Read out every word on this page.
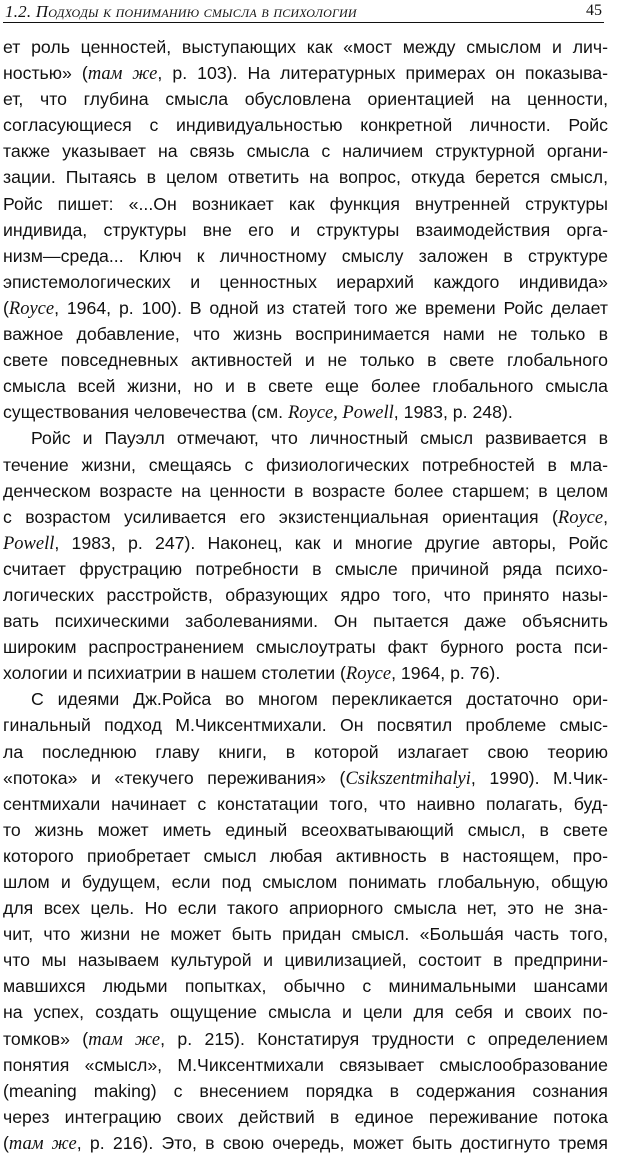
1.2. Подходы к пониманию смысла в психологии	45
ет роль ценностей, выступающих как «мост между смыслом и лич-
ностью» (там же, р. 103). На литературных примерах он показыва-
ет, что глубина смысла обусловлена ориентацией на ценности,
согласующиеся с индивидуальностью конкретной личности. Ройс
также указывает на связь смысла с наличием структурной органи-
зации. Пытаясь в целом ответить на вопрос, откуда берется смысл,
Ройс пишет: «...Он возникает как функция внутренней структуры
индивида, структуры вне его и структуры взаимодействия орга-
низм—среда... Ключ к личностному смыслу заложен в структуре
эпистемологических и ценностных иерархий каждого индивида»
(Royce, 1964, р. 100). В одной из статей того же времени Ройс делает
важное добавление, что жизнь воспринимается нами не только в
свете повседневных активностей и не только в свете глобального
смысла всей жизни, но и в свете еще более глобального смысла
существования человечества (см. Royce, Powell, 1983, р. 248).
Ройс и Пауэлл отмечают, что личностный смысл развивается в
течение жизни, смещаясь с физиологических потребностей в мла-
денческом возрасте на ценности в возрасте более старшем; в целом
с возрастом усиливается его экзистенциальная ориентация (Royce,
Powell, 1983, р. 247). Наконец, как и многие другие авторы, Ройс
считает фрустрацию потребности в смысле причиной ряда психо-
логических расстройств, образующих ядро того, что принято назы-
вать психическими заболеваниями. Он пытается даже объяснить
широким распространением смыслоутраты факт бурного роста пси-
хологии и психиатрии в нашем столетии (Royce, 1964, р. 76).
С идеями Дж.Ройса во многом перекликается достаточно ори-
гинальный подход М.Чиксентмихали. Он посвятил проблеме смыс-
ла последнюю главу книги, в которой излагает свою теорию
«потока» и «текучего переживания» (Csikszentmihalyi, 1990). М.Чик-
сентмихали начинает с констатации того, что наивно полагать, буд-
то жизнь может иметь единый всеохватывающий смысл, в свете
которого приобретает смысл любая активность в настоящем, про-
шлом и будущем, если под смыслом понимать глобальную, общую
для всех цель. Но если такого априорного смысла нет, это не зна-
чит, что жизни не может быть придан смысл. «Большáя часть того,
что мы называем культурой и цивилизацией, состоит в предприни-
мавшихся людьми попытках, обычно с минимальными шансами
на успех, создать ощущение смысла и цели для себя и своих по-
томков» (там же, р. 215). Констатируя трудности с определением
понятия «смысл», М.Чиксентмихали связывает смыслообразование
(meaning making) с внесением порядка в содержания сознания
через интеграцию своих действий в единое переживание потока
(там же, р. 216). Это, в свою очередь, может быть достигнуто тремя
